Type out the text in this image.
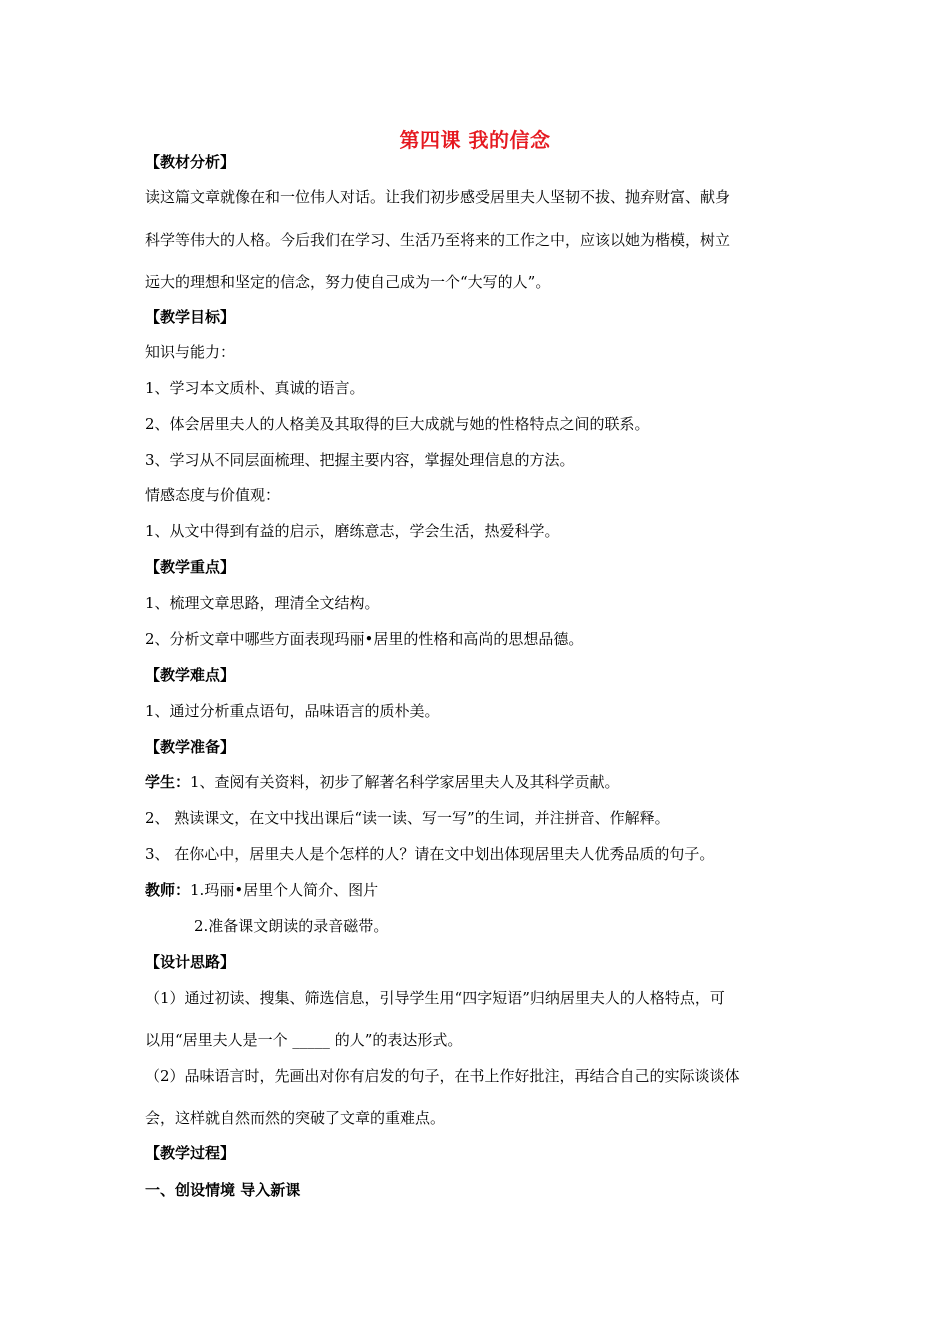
第四课 我的信念
【教材分析】
读这篇文章就像在和一位伟人对话。让我们初步感受居里夫人坚韧不拔、抛弃财富、献身
科学等伟大的人格。今后我们在学习、生活乃至将来的工作之中，应该以她为楷模，树立
远大的理想和坚定的信念，努力使自己成为一个“大写的人”。
【教学目标】
知识与能力：
1、学习本文质朴、真诚的语言。
2、体会居里夫人的人格美及其取得的巨大成就与她的性格特点之间的联系。
3、学习从不同层面梳理、把握主要内容，掌握处理信息的方法。
情感态度与价值观：
1、从文中得到有益的启示，磨练意志，学会生活，热爱科学。
【教学重点】
1、梳理文章思路，理清全文结构。
2、分析文章中哪些方面表现玛丽•居里的性格和高尚的思想品德。
【教学难点】
1、通过分析重点语句，品味语言的质朴美。
【教学准备】
学生：1、查阅有关资料，初步了解著名科学家居里夫人及其科学贡献。
2、 熟读课文，在文中找出课后“读一读、写一写”的生词，并注拼音、作解释。
3、 在你心中，居里夫人是个怎样的人？请在文中划出体现居里夫人优秀品质的句子。
教师：1.玛丽•居里个人简介、图片
2.准备课文朗读的录音磁带。
【设计思路】
（1）通过初读、搜集、筛选信息，引导学生用“四字短语”归纳居里夫人的人格特点，可
以用“居里夫人是一个 _____ 的人”的表达形式。
（2）品味语言时，先画出对你有启发的句子，在书上作好批注，再结合自己的实际谈谈体
会，这样就自然而然的突破了文章的重难点。
【教学过程】
一、创设情境 导入新课
